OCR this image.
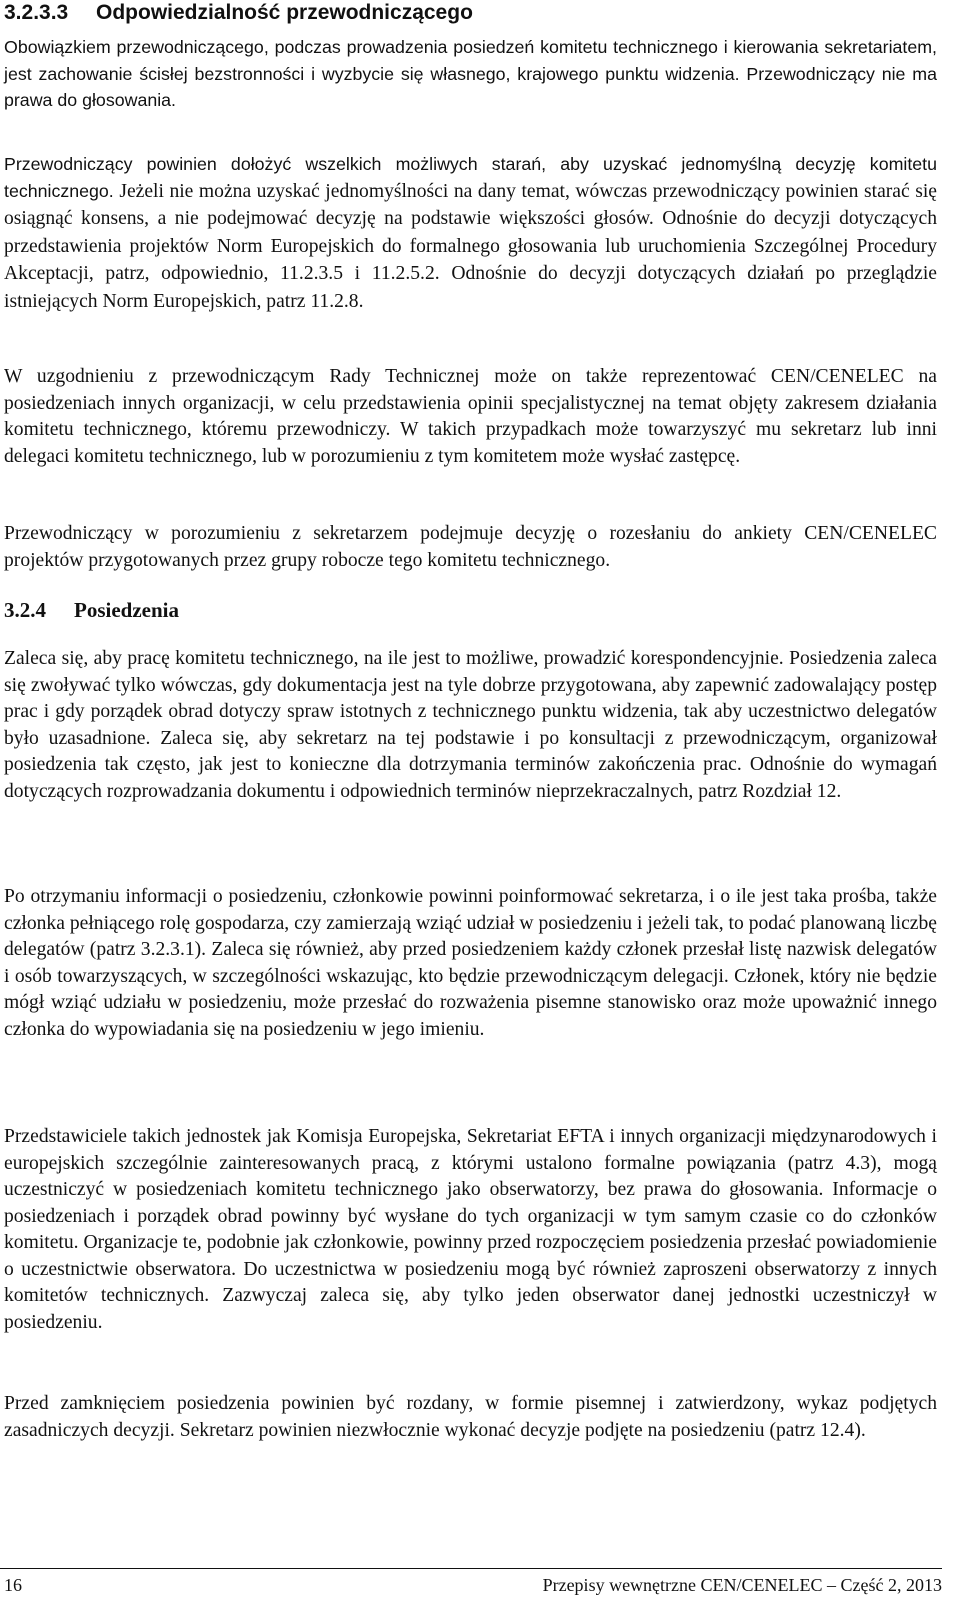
3.2.3.3 Odpowiedzialność przewodniczącego

Obowiązkiem przewodniczącego, podczas prowadzenia posiedzeń komitetu technicznego i kierowania sekretariatem, jest zachowanie ścisłej bezstronności i wyzbycie się własnego, krajowego punktu widzenia. Przewodniczący nie ma prawa do głosowania.

Przewodniczący powinien dołożyć wszelkich możliwych starań, aby uzyskać jednomyślną decyzję komitetu technicznego. Jeżeli nie można uzyskać jednomyślności na dany temat, wówczas przewodniczący powinien starać się osiągnąć konsens, a nie podejmować decyzję na podstawie większości głosów. Odnośnie do decyzji dotyczących przedstawienia projektów Norm Europejskich do formalnego głosowania lub uruchomienia Szczególnej Procedury Akceptacji, patrz, odpowiednio, 11.2.3.5 i 11.2.5.2. Odnośnie do decyzji dotyczących działań po przeglądzie istniejących Norm Europejskich, patrz 11.2.8.

W uzgodnieniu z przewodniczącym Rady Technicznej może on także reprezentować CEN/CENELEC na posiedzeniach innych organizacji, w celu przedstawienia opinii specjalistycznej na temat objęty zakresem działania komitetu technicznego, któremu przewodniczy. W takich przypadkach może towarzyszyć mu sekretarz lub inni delegaci komitetu technicznego, lub w porozumieniu z tym komitetem może wysłać zastępcę.

Przewodniczący w porozumieniu z sekretarzem podejmuje decyzję o rozesłaniu do ankiety CEN/CENELEC projektów przygotowanych przez grupy robocze tego komitetu technicznego.

3.2.4 Posiedzenia

Zaleca się, aby pracę komitetu technicznego, na ile jest to możliwe, prowadzić korespondencyjnie. Posiedzenia zaleca się zwoływać tylko wówczas, gdy dokumentacja jest na tyle dobrze przygotowana, aby zapewnić zadowalający postęp prac i gdy porządek obrad dotyczy spraw istotnych z technicznego punktu widzenia, tak aby uczestnictwo delegatów było uzasadnione. Zaleca się, aby sekretarz na tej podstawie i po konsultacji z przewodniczącym, organizował posiedzenia tak często, jak jest to konieczne dla dotrzymania terminów zakończenia prac. Odnośnie do wymagań dotyczących rozprowadzania dokumentu i odpowiednich terminów nieprzekraczalnych, patrz Rozdział 12.

Po otrzymaniu informacji o posiedzeniu, członkowie powinni poinformować sekretarza, i o ile jest taka prośba, także członka pełniącego rolę gospodarza, czy zamierzają wziąć udział w posiedzeniu i jeżeli tak, to podać planowaną liczbę delegatów (patrz 3.2.3.1). Zaleca się również, aby przed posiedzeniem każdy członek przesłał listę nazwisk delegatów i osób towarzyszących, w szczególności wskazując, kto będzie przewodniczącym delegacji. Członek, który nie będzie mógł wziąć udziału w posiedzeniu, może przesłać do rozważenia pisemne stanowisko oraz może upoważnić innego członka do wypowiadania się na posiedzeniu w jego imieniu.

Przedstawiciele takich jednostek jak Komisja Europejska, Sekretariat EFTA i innych organizacji międzynarodowych i europejskich szczególnie zainteresowanych pracą, z którymi ustalono formalne powiązania (patrz 4.3), mogą uczestniczyć w posiedzeniach komitetu technicznego jako obserwatorzy, bez prawa do głosowania. Informacje o posiedzeniach i porządek obrad powinny być wysłane do tych organizacji w tym samym czasie co do członków komitetu. Organizacje te, podobnie jak członkowie, powinny przed rozpoczęciem posiedzenia przesłać powiadomienie o uczestnictwie obserwatora. Do uczestnictwa w posiedzeniu mogą być również zaproszeni obserwatorzy z innych komitetów technicznych. Zazwyczaj zaleca się, aby tylko jeden obserwator danej jednostki uczestniczył w posiedzeniu.

Przed zamknięciem posiedzenia powinien być rozdany, w formie pisemnej i zatwierdzony, wykaz podjętych zasadniczych decyzji. Sekretarz powinien niezwłocznie wykonać decyzje podjęte na posiedzeniu (patrz 12.4).

16	Przepisy wewnętrzne CEN/CENELEC – Część 2, 2013
